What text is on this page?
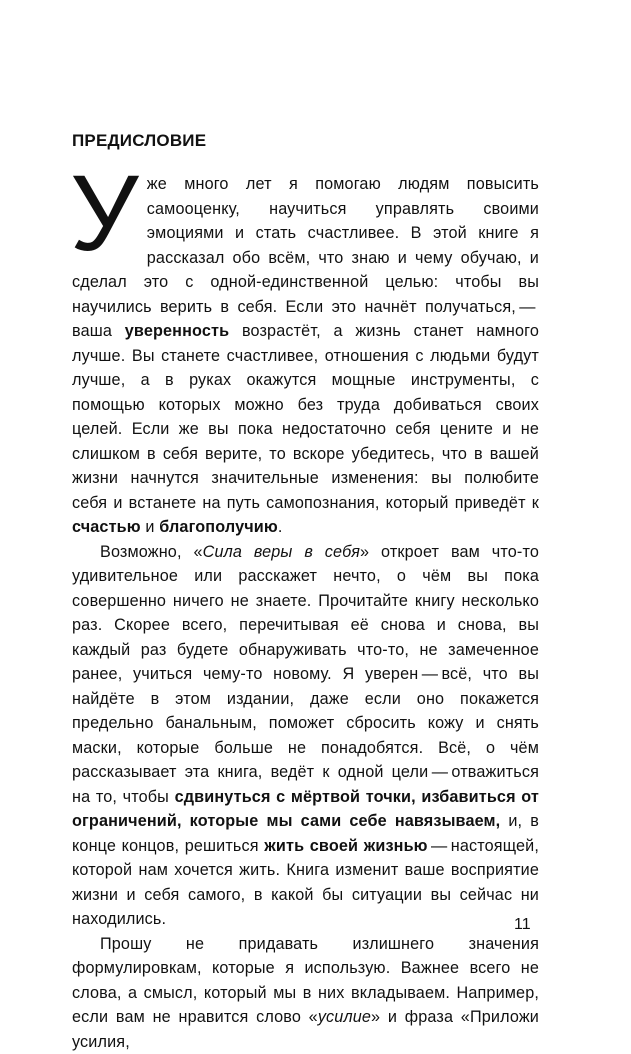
ПРЕДИСЛОВИЕ

Уже много лет я помогаю людям повысить самооценку, научиться управлять своими эмоциями и стать счастливее. В этой книге я рассказал обо всём, что знаю и чему обучаю, и сделал это с одной-единственной целью: чтобы вы научились верить в себя. Если это начнёт получаться, — ваша уверенность возрастёт, а жизнь станет намного лучше. Вы станете счастливее, отношения с людьми будут лучше, а в руках окажутся мощные инструменты, с помощью которых можно без труда добиваться своих целей. Если же вы пока недостаточно себя цените и не слишком в себя верите, то вскоре убедитесь, что в вашей жизни начнутся значительные изменения: вы полюбите себя и встанете на путь самопознания, который приведёт к счастью и благополучию.

Возможно, «Сила веры в себя» откроет вам что-то удивительное или расскажет нечто, о чём вы пока совершенно ничего не знаете. Прочитайте книгу несколько раз. Скорее всего, перечитывая её снова и снова, вы каждый раз будете обнаруживать что-то, не замеченное ранее, учиться чему-то новому. Я уверен — всё, что вы найдёте в этом издании, даже если оно покажется предельно банальным, поможет сбросить кожу и снять маски, которые больше не понадобятся. Всё, о чём рассказывает эта книга, ведёт к одной цели — отважиться на то, чтобы сдвинуться с мёртвой точки, избавиться от ограничений, которые мы сами себе навязываем, и, в конце концов, решиться жить своей жизнью — настоящей, которой нам хочется жить. Книга изменит ваше восприятие жизни и себя самого, в какой бы ситуации вы сейчас ни находились.

Прошу не придавать излишнего значения формулировкам, которые я использую. Важнее всего не слова, а смысл, который мы в них вкладываем. Например, если вам не нравится слово «усилие» и фраза «Приложи усилия,

11
